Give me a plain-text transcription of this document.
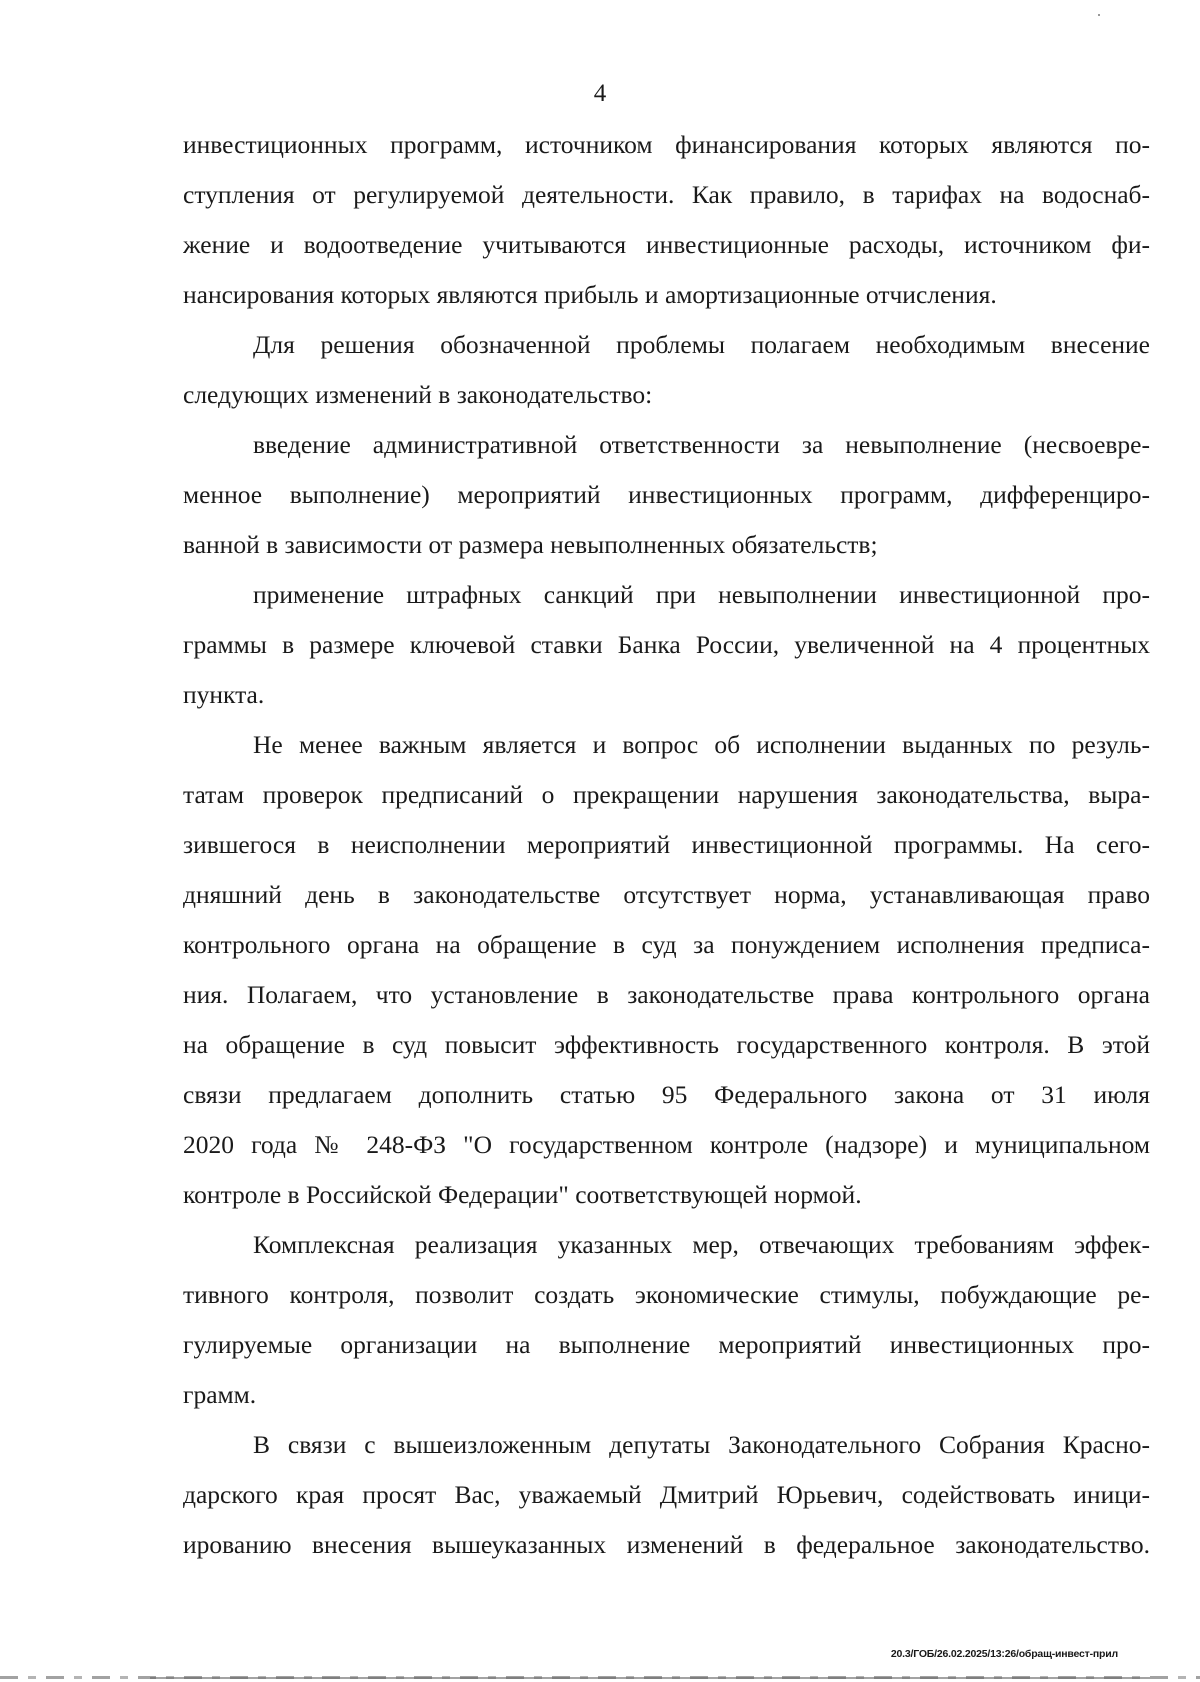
4
инвестиционных программ, источником финансирования которых являются по-
ступления от регулируемой деятельности. Как правило, в тарифах на водоснаб-
жение и водоотведение учитываются инвестиционные расходы, источником фи-
нансирования которых являются прибыль и амортизационные отчисления.
Для решения обозначенной проблемы полагаем необходимым внесение
следующих изменений в законодательство:
введение административной ответственности за невыполнение (несвоевре-
менное выполнение) мероприятий инвестиционных программ, дифференциро-
ванной в зависимости от размера невыполненных обязательств;
применение штрафных санкций при невыполнении инвестиционной про-
граммы в размере ключевой ставки Банка России, увеличенной на 4 процентных
пункта.
Не менее важным является и вопрос об исполнении выданных по резуль-
татам проверок предписаний о прекращении нарушения законодательства, выра-
зившегося в неисполнении мероприятий инвестиционной программы. На сего-
дняшний день в законодательстве отсутствует норма, устанавливающая право
контрольного органа на обращение в суд за понуждением исполнения предписа-
ния. Полагаем, что установление в законодательстве права контрольного органа
на обращение в суд повысит эффективность государственного контроля. В этой
связи предлагаем дополнить статью 95 Федерального закона от 31 июля
2020 года № 248-ФЗ "О государственном контроле (надзоре) и муниципальном
контроле в Российской Федерации" соответствующей нормой.
Комплексная реализация указанных мер, отвечающих требованиям эффек-
тивного контроля, позволит создать экономические стимулы, побуждающие ре-
гулируемые организации на выполнение мероприятий инвестиционных про-
грамм.
В связи с вышеизложенным депутаты Законодательного Собрания Красно-
дарского края просят Вас, уважаемый Дмитрий Юрьевич, содействовать иници-
ированию внесения вышеуказанных изменений в федеральное законодательство.
20.3/ГОБ/26.02.2025/13:26/обращ-инвест-прил
